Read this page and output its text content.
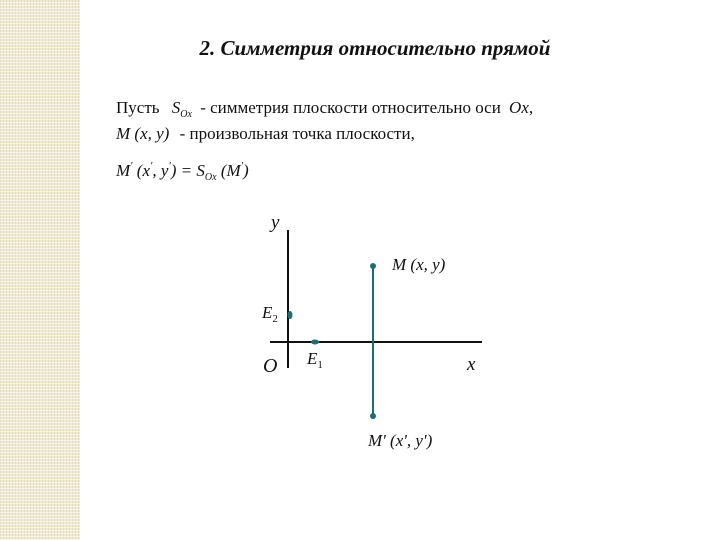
2. Симметрия относительно прямой
Пусть $S_{Ox}$ - симметрия плоскости относительно оси Ox,
M (x, y) - произвольная точка плоскости,
M' (x', $y') = S_{Ox}$ (M')
y
x
O
$E_2$
$E_1$
M (x, y)
M' (x', y')
